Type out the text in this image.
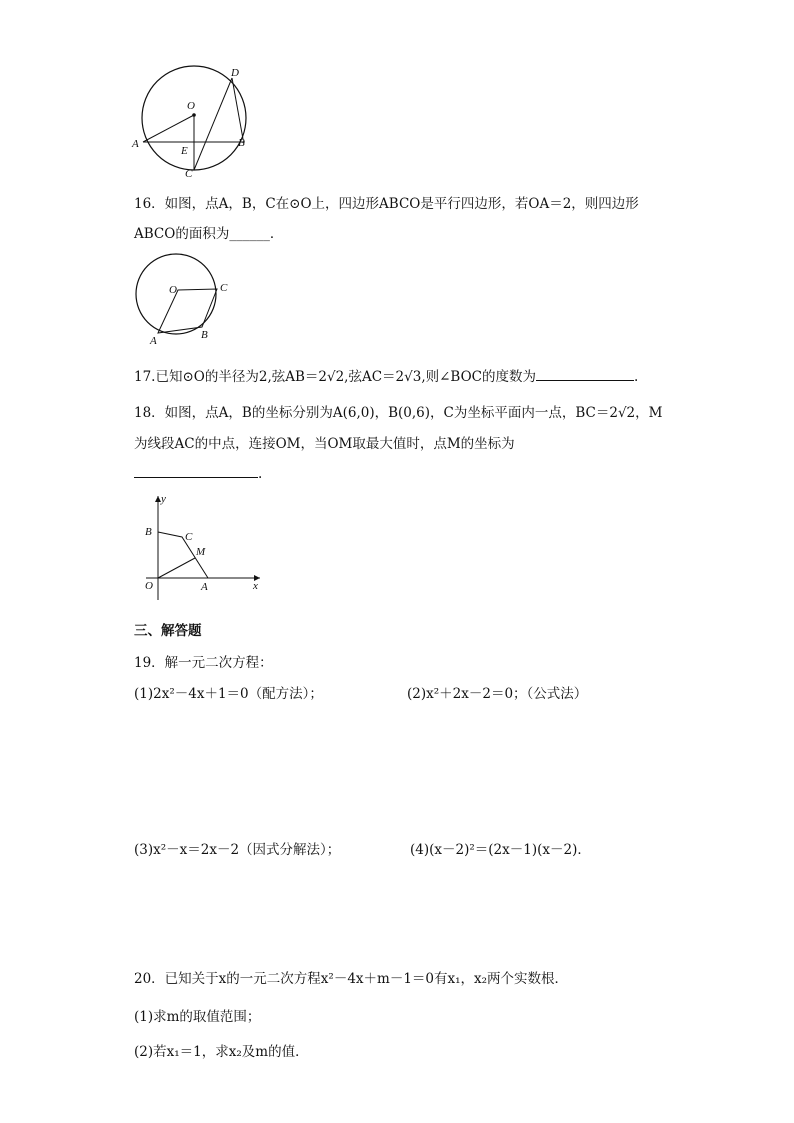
O
A	B
C
D
E
16．如图，点A，B，C在⊙O上，四边形ABCO是平行四边形，若OA＝2，则四边形
ABCO的面积为______．
O	C
B
A
17.已知⊙O的半径为2,弦AB＝2√2,弦AC＝2√3,则∠BOC的度数为	.
18．如图，点A，B的坐标分别为A(6,0)，B(0,6)，C为坐标平面内一点，BC＝2√2，M
为线段AC的中点，连接OM，当OM取最大值时，点M的坐标为
.
y
x
O	A
B	C
M
三、解答题
19．解一元二次方程：
(1)2x²－4x＋1＝0（配方法）；	(2)x²＋2x－2＝0；（公式法）
(3)x²－x＝2x－2（因式分解法）；	(4)(x－2)²＝(2x－1)(x－2)．
20．已知关于x的一元二次方程x²－4x＋m－1＝0有x₁，x₂两个实数根．
(1)求m的取值范围；
(2)若x₁＝1，求x₂及m的值．
